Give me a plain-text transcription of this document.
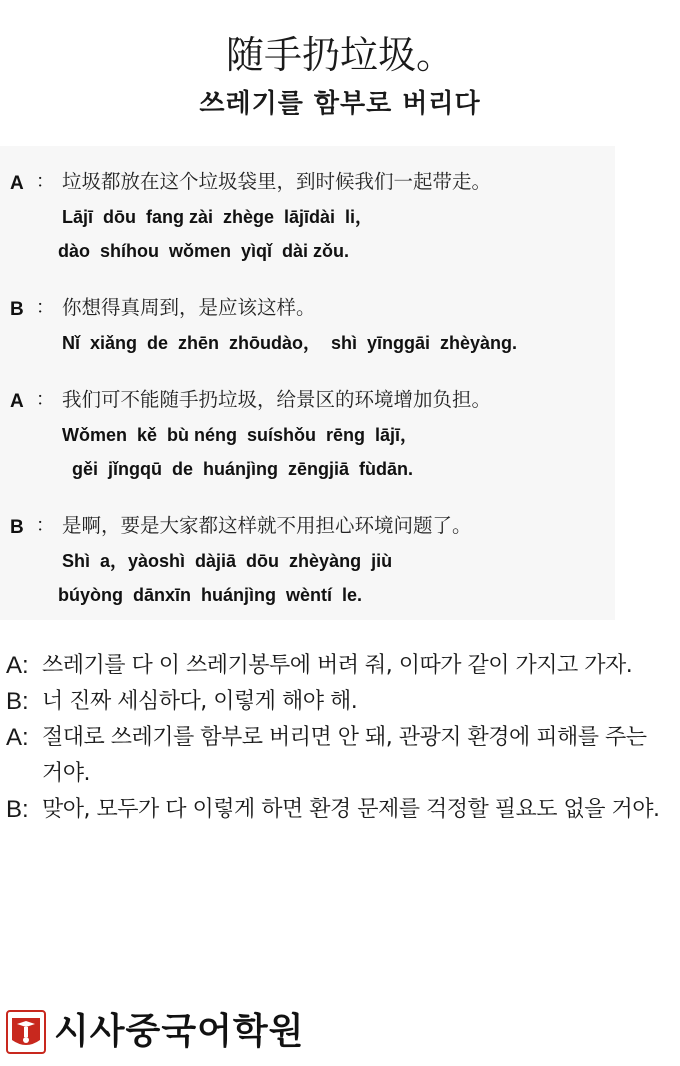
随手扔垃圾。
쓰레기를 함부로 버리다
A ： 垃圾都放在这个垃圾袋里，到时候我们一起带走。
Lājī  dōu  fang zài  zhège  lājīdài  li，
dào  shíhou  wǒmen  yìqǐ  dài zǒu.
B ： 你想得真周到，是应该这样。
Nǐ  xiǎng  de  zhēn  zhōudào，  shì  yīnggāi  zhèyàng.
A ： 我们可不能随手扔垃圾，给景区的环境增加负担。
Wǒmen  kě  bù néng  suíshǒu  rēng  lājī，
gěi  jǐngqū  de  huánjìng  zēngjiā  fùdān.
B ： 是啊，要是大家都这样就不用担心环境问题了。
Shì  a，yàoshì  dàjiā  dōu  zhèyàng  jiù
búyòng  dānxīn  huánjìng  wèntí  le.
A: 쓰레기를 다 이 쓰레기봉투에 버려 줘, 이따가 같이 가지고 가자.
B: 너 진짜 세심하다, 이렇게 해야 해.
A: 절대로 쓰레기를 함부로 버리면 안 돼, 관광지 환경에 피해를 주는 거야.
B: 맞아, 모두가 다 이렇게 하면 환경 문제를 걱정할 필요도 없을 거야.
시사중국어학원
